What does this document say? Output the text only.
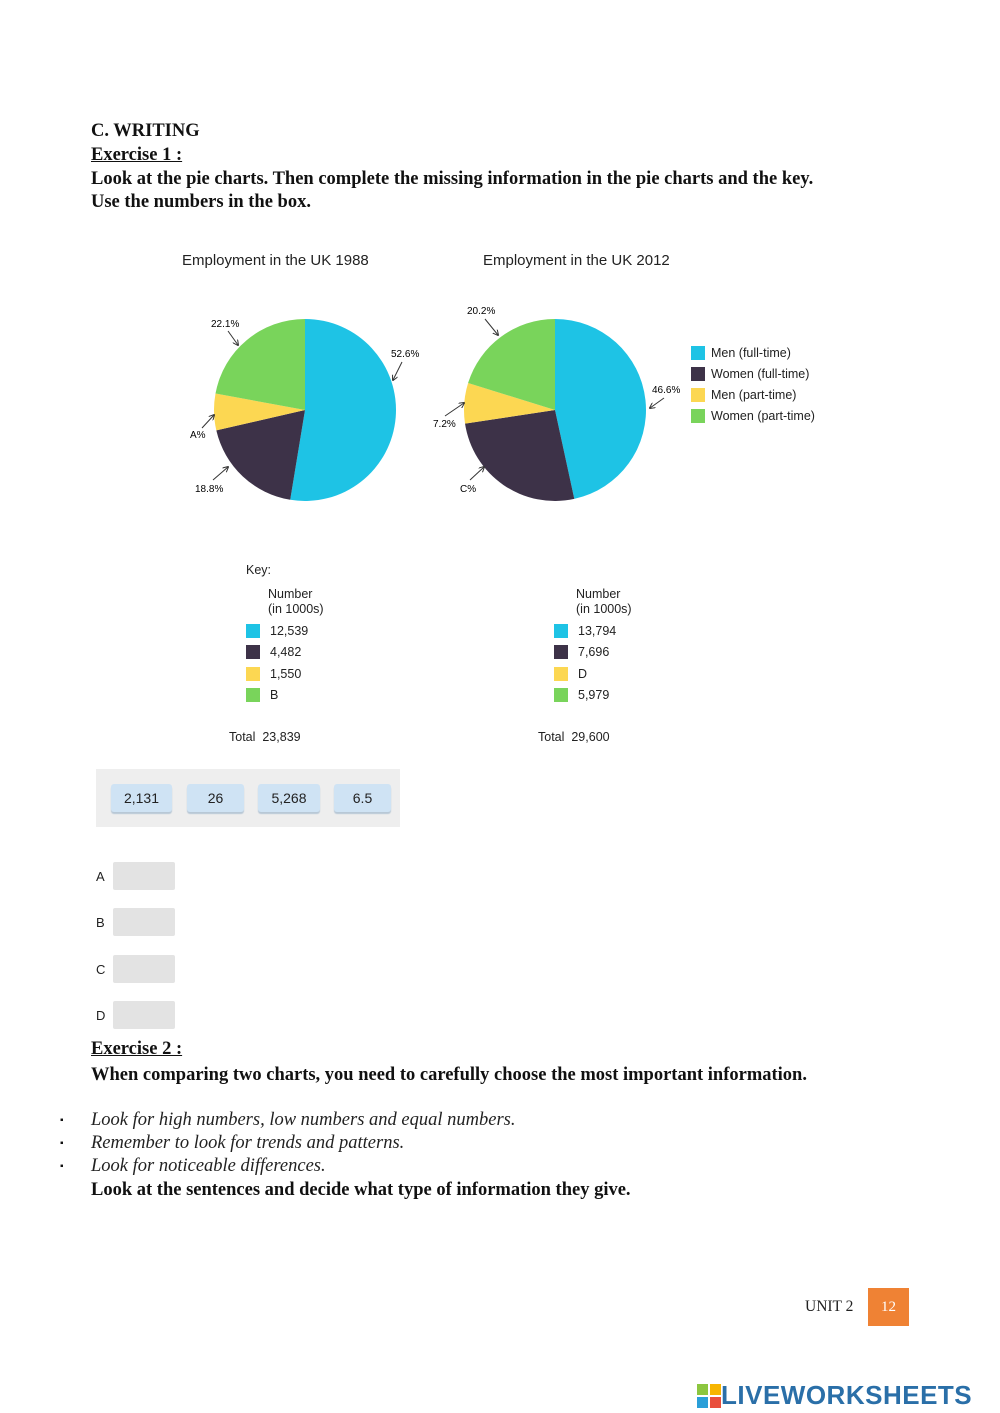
C. WRITING
Exercise 1 :
Look at the pie charts. Then complete the missing information in the pie charts and the key.
Use the numbers in the box.
Employment in the UK 1988	Employment in the UK 2012
22.1%
52.6%
A%
18.8%
20.2%
46.6%
7.2%
C%
Men (full-time)
Women (full-time)
Men (part-time)
Women (part-time)
Key:
Number
(in 1000s)
12,539
4,482
1,550
B
Total 23,839
Number
(in 1000s)
13,794
7,696
D
5,979
Total 29,600
2,131	26	5,268	6.5
A
B
C
D
Exercise 2 :
When comparing two charts, you need to carefully choose the most important information.
▪ Look for high numbers, low numbers and equal numbers.
▪ Remember to look for trends and patterns.
▪ Look for noticeable differences.
Look at the sentences and decide what type of information they give.
UNIT 2	12
LIVEWORKSHEETS
